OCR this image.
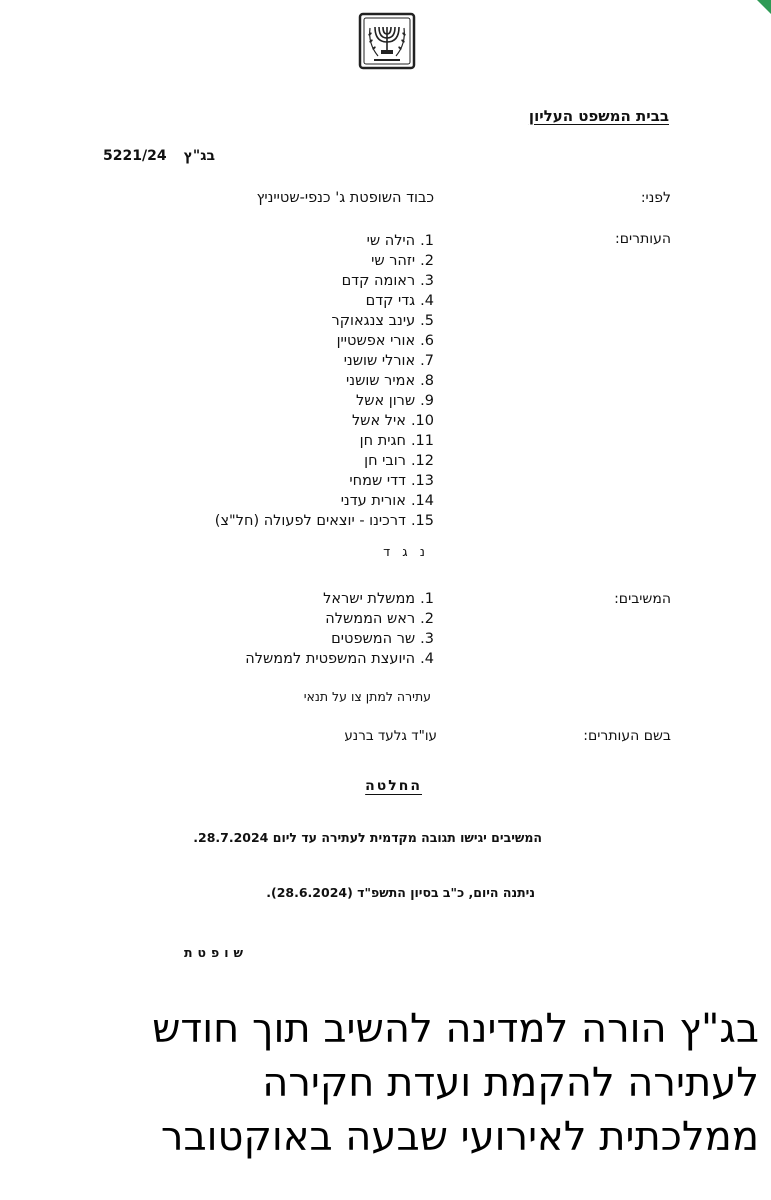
בבית המשפט העליון
בג"ץ
5221/24
לפני:
כבוד השופטת ג' כנפי-שטייניץ
העותרים:
1.הילה שי
2.יזהר שי
3.ראומה קדם
4.גדי קדם
5.עינב צנגאוקר
6.אורי אפשטיין
7.אורלי שושני
8.אמיר שושני
9.שרון אשל
10.איל אשל
11.חגית חן
12.רובי חן
13.דדי שמחי
14.אורית עדני
15.דרכינו - יוצאים לפעולה (חל"צ)
נ ג ד
המשיבים:
1.ממשלת ישראל
2.ראש הממשלה
3.שר המשפטים
4.היועצת המשפטית לממשלה
עתירה למתן צו על תנאי
בשם העותרים:
עו"ד גלעד ברנע
החלטה
המשיבים יגישו תגובה מקדמית לעתירה עד ליום 28.7.2024.
ניתנה היום, כ"ב בסיון התשפ"ד (28.6.2024).
שופטת
בג"ץ הורה למדינה להשיב תוך חודש
לעתירה להקמת ועדת חקירה
ממלכתית לאירועי שבעה באוקטובר
